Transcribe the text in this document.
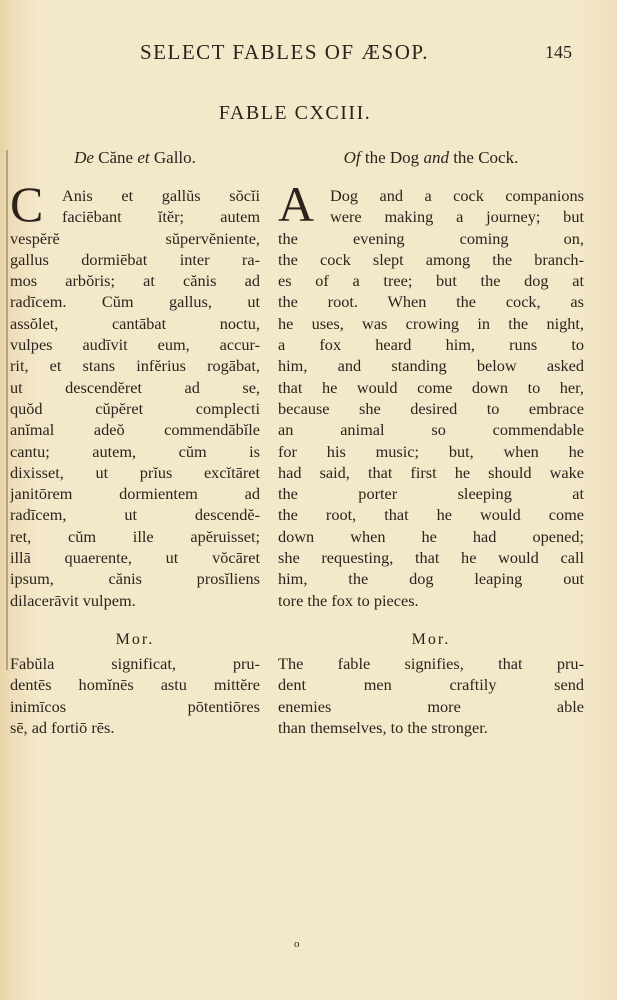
SELECT FABLES OF ÆSOP.	145
FABLE CXCIII.
De Căne et Gallo.
C	Anis et gallŭs sŏcĭi
faciēbant ĭtĕr; autem
vespĕrĕ sŭpervĕniente,
gallus dormiēbat inter ra-
mos arbŏris; at cănis ad
radīcem. Cŭm gallus, ut
assŏlet, cantābat noctu,
vulpes audīvit eum, accur-
rit, et stans infĕrius rogābat,
ut descendĕret ad se,
quŏd cŭpĕret complecti
anĭmal adeŏ commendābĭle
cantu; autem, cŭm is
dixisset, ut prĭus excĭtāret
janitōrem dormientem ad
radīcem, ut descendĕ-
ret, cŭm ille apĕruisset;
illā quaerente, ut vŏcāret
ipsum, cănis prosĭliens
dilacerāvit vulpem.
Mor.
Fabŭla significat, pru-
dentēs homĭnēs astu mittĕre
inimīcos pōtentiōres
sē, ad fortiō rēs.
Of the Dog and the Cock.
A Dog and a cock companions
were making a journey; but
the evening coming on,
the cock slept among the branch-
es of a tree; but the dog at
the root. When the cock, as
he uses, was crowing in the night,
a fox heard him, runs to
him, and standing below asked
that he would come down to her,
because she desired to embrace
an animal so commendable
for his music; but, when he
had said, that first he should wake
the porter sleeping at
the root, that he would come
down when he had opened;
she requesting, that he would call
him, the dog leaping out
tore the fox to pieces.
Mor.
The fable signifies, that pru-
dent men craftily send
enemies more able
than themselves, to the stronger.
o
